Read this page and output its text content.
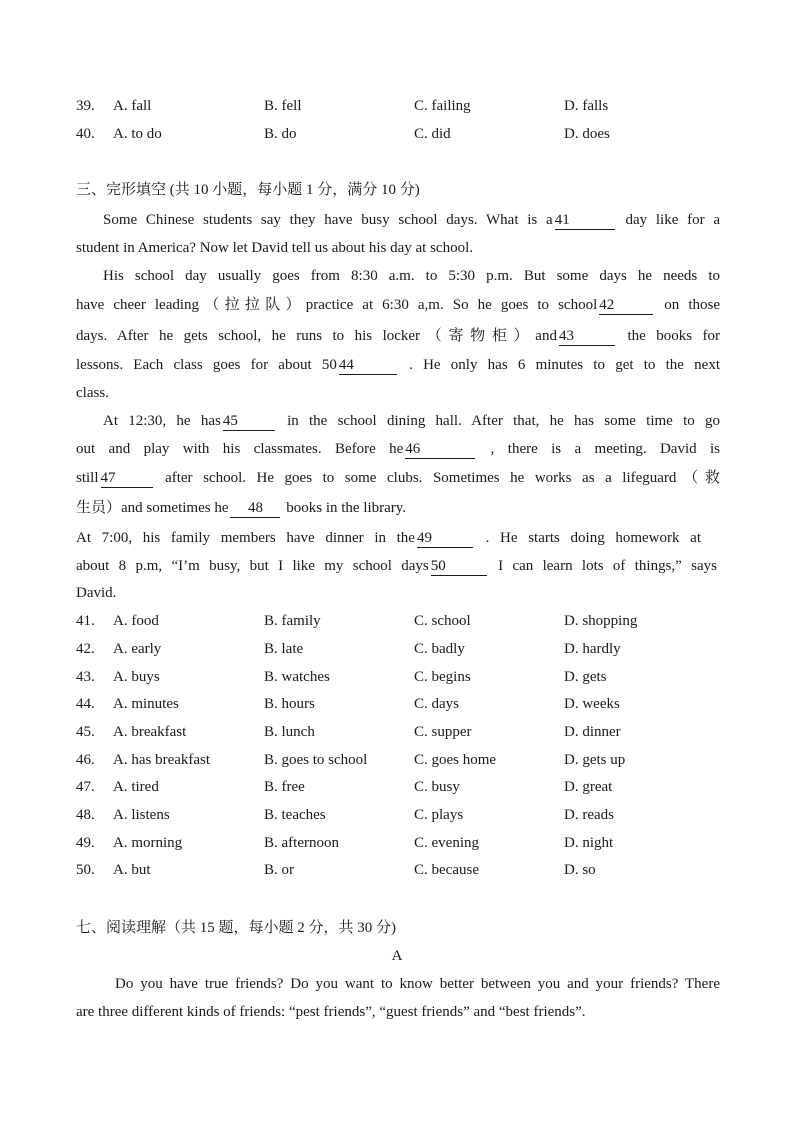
39. A. fall	B. fell	C. failing	D. falls
40. A. to do	B. do	C. did	D. does
三、完形填空 (共 10 小题，每小题 1 分，满分 10 分)
Some Chinese students say they have busy school days. What is a 41	day like for a
student in America? Now let David tell us about his day at school.
His school day usually goes from 8:30 a.m. to 5:30 p.m. But some days he needs to
have cheer leading（拉拉队）practice at 6:30 a,m. So he goes to school 42	on those
days. After he gets school, he runs to his locker（寄物柜）and 43	the books for
lessons. Each class goes for about 50 44	. He only has 6 minutes to get to the next
class.
At 12:30, he has 45	in the school dining hall. After that, he has some time to go
out and play with his classmates. Before he 46	, there is a meeting. David is
still 47	after school. He goes to some clubs. Sometimes he works as a lifeguard（救
生员）and sometimes he 48 books in the library.
At 7:00, his family members have dinner in the 49	. He starts doing homework at
about 8 p.m, “I’m busy, but I like my school days 50	I can learn lots of things,” says
David.
41. A. food	B. family	C. school	D. shopping
42. A. early	B. late	C. badly	D. hardly
43. A. buys	B. watches	C. begins	D. gets
44. A. minutes	B. hours	C. days	D. weeks
45. A. breakfast	B. lunch	C. supper	D. dinner
46. A. has breakfast	B. goes to school	C. goes home	D. gets up
47. A. tired	B. free	C. busy	D. great
48. A. listens	B. teaches	C. plays	D. reads
49. A. morning	B. afternoon	C. evening	D. night
50. A. but	B. or	C. because	D. so
七、阅读理解（共 15 题，每小题 2 分，共 30 分)
A
Do you have true friends? Do you want to know better between you and your friends? There
are three different kinds of friends: “pest friends”, “guest friends” and “best friends”.
